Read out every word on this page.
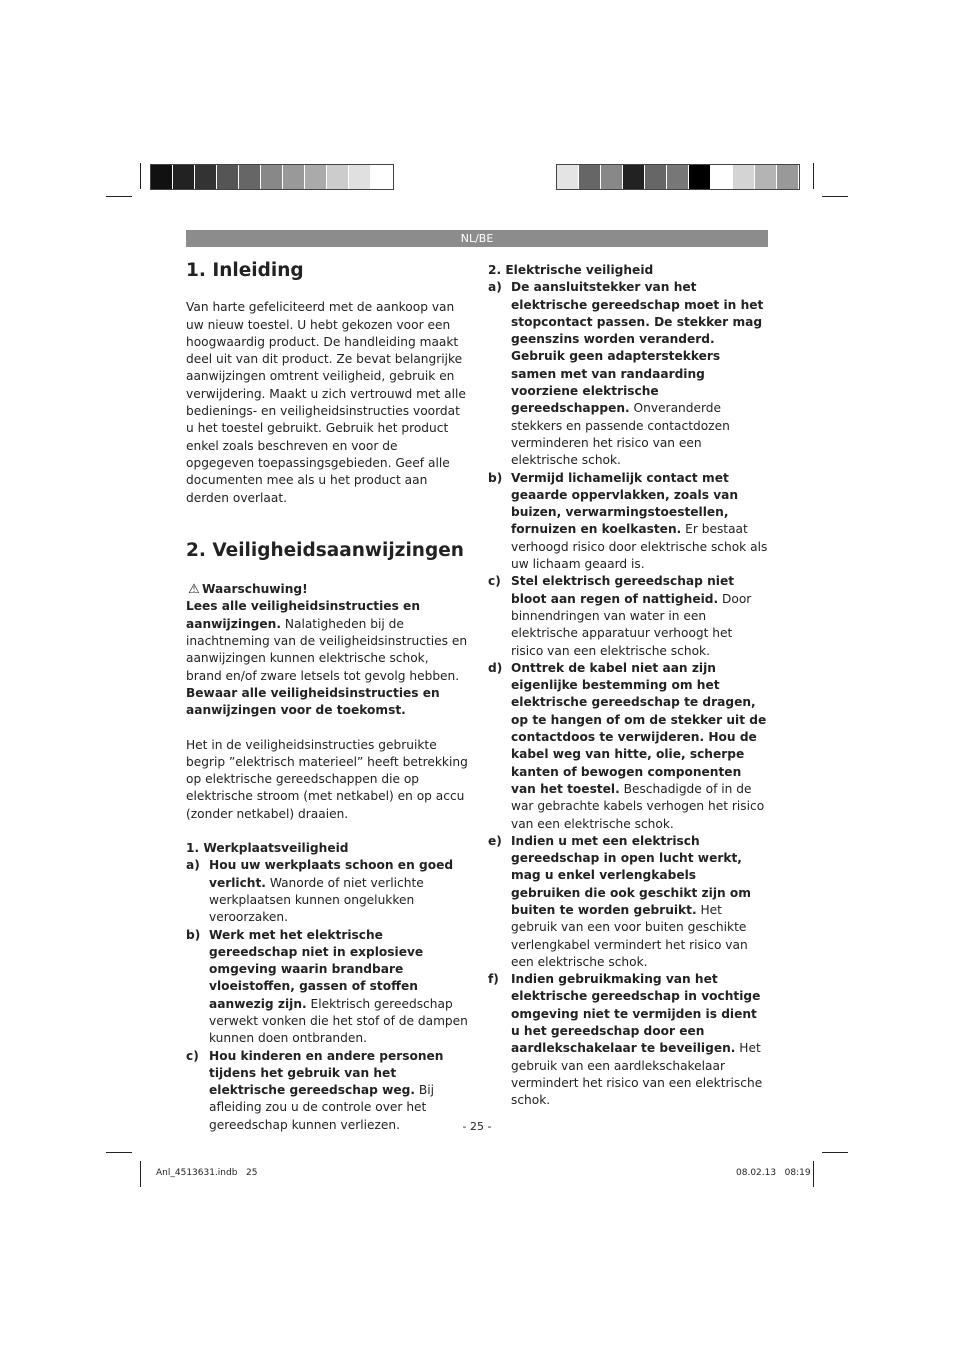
NL/BE
1. Inleiding

Van harte gefeliciteerd met de aankoop van uw nieuw toestel. U hebt gekozen voor een hoogwaardig product. De handleiding maakt deel uit van dit product. Ze bevat belangrijke aanwijzingen omtrent veiligheid, gebruik en verwijdering. Maakt u zich vertrouwd met alle bedienings- en veiligheidsinstructies voordat u het toestel gebruikt. Gebruik het product enkel zoals beschreven en voor de opgegeven toepassingsgebieden. Geef alle documenten mee als u het product aan derden overlaat.

2. Veiligheidsaanwijzingen

⚠ Waarschuwing!

Lees alle veiligheidsinstructies en aanwijzingen. Nalatigheden bij de inachtneming van de veiligheidsinstructies en aanwijzingen kunnen elektrische schok, brand en/of zware letsels tot gevolg hebben. Bewaar alle veiligheidsinstructies en aanwijzingen voor de toekomst.

Het in de veiligheidsinstructies gebruikte begrip ”elektrisch materieel” heeft betrekking op elektrische gereedschappen die op elektrische stroom (met netkabel) en op accu (zonder netkabel) draaien.

1. Werkplaatsveiligheid

a) Hou uw werkplaats schoon en goed verlicht. Wanorde of niet verlichte werkplaatsen kunnen ongelukken veroorzaken.
b) Werk met het elektrische gereedschap niet in explosieve omgeving waarin brandbare vloeistoffen, gassen of stoffen aanwezig zijn. Elektrisch gereedschap verwekt vonken die het stof of de dampen kunnen doen ontbranden.
c) Hou kinderen en andere personen tijdens het gebruik van het elektrische gereedschap weg. Bij afleiding zou u de controle over het gereedschap kunnen verliezen.

2. Elektrische veiligheid

a) De aansluitstekker van het elektrische gereedschap moet in het stopcontact passen. De stekker mag geenszins worden veranderd. Gebruik geen adapterstekkers samen met van randaarding voorziene elektrische gereedschappen. Onveranderde stekkers en passende contactdozen verminderen het risico van een elektrische schok.
b) Vermijd lichamelijk contact met geaarde oppervlakken, zoals van buizen, verwarmingstoestellen, fornuizen en koelkasten. Er bestaat verhoogd risico door elektrische schok als uw lichaam geaard is.
c) Stel elektrisch gereedschap niet bloot aan regen of nattigheid. Door binnendringen van water in een elektrische apparatuur verhoogt het risico van een elektrische schok.
d) Onttrek de kabel niet aan zijn eigenlijke bestemming om het elektrische gereedschap te dragen, op te hangen of om de stekker uit de contactdoos te verwijderen. Hou de kabel weg van hitte, olie, scherpe kanten of bewogen componenten van het toestel. Beschadigde of in de war gebrachte kabels verhogen het risico van een elektrische schok.
e) Indien u met een elektrisch gereedschap in open lucht werkt, mag u enkel verlengkabels gebruiken die ook geschikt zijn om buiten te worden gebruikt. Het gebruik van een voor buiten geschikte verlengkabel vermindert het risico van een elektrische schok.
f) Indien gebruikmaking van het elektrische gereedschap in vochtige omgeving niet te vermijden is dient u het gereedschap door een aardlekschakelaar te beveiligen. Het gebruik van een aardlekschakelaar vermindert het risico van een elektrische schok.
- 25 -
Anl_4513631.indb   25	08.02.13   08:19
